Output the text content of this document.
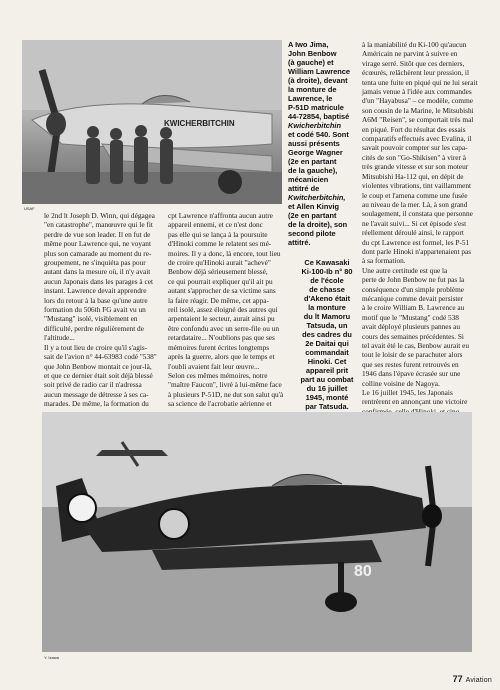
KWICHERBITCHIN
USAF
A Iwo Jima,
John Benbow
(à gauche) et
William Lawrence
(à droite), devant
la monture de
Lawrence, le
P-51D matricule
44-72854, baptisé
Kwicherbitchin
et codé 540. Sont
aussi présents
George Wagner
(2e en partant
de la gauche),
mécanicien
attitré de
Kwitcherbitchin,
et Allen Kinvig
(2e en partant
de la droite), son
second pilote
attitré.
Ce Kawasaki
Ki-100-Ib n° 80
de l'école
de chasse
d'Akeno était
la monture
du lt Mamoru
Tatsuda, un
des cadres du
2e Daitai qui
commandait
Hinoki. Cet
appareil prit
part au combat
du 16 juillet
1945, monté
par Tatsuda.
le 2nd lt Joseph D. Winn, qui dégagea
"en catastrophe", manœuvre qui le fit
perdre de vue son leader. Il en fut de
même pour Lawrence qui, ne voyant
plus son camarade au moment du re-
groupement, ne s'inquiéta pas pour
autant dans la mesure où, il n'y avait
aucun Japonais dans les parages à cet
instant. Lawrence devait apprendre
lors du retour à la base qu'une autre
formation du 506th FG avait vu un
"Mustang" isolé, visiblement en
difficulté, perdre régulièrement de
l'altitude...
Il y a tout lieu de croire qu'il s'agis-
sait de l'avion n° 44-63983 codé "538"
que John Benbow montait ce jour-là,
et que ce dernier était soit déjà blessé
soit privé de radio car il n'adressa
aucun message de détresse à ses ca-
marades. De même, la formation du
cpt Lawrence n'affronta aucun autre
appareil ennemi, et ce n'est donc
pas elle qui se lança à la poursuite
d'Hinoki comme le relatent ses mé-
moires. Il y a donc, là encore, tout lieu
de croire qu'Hinoki aurait "achevé"
Benbow déjà sérieusement blessé,
ce qui pourrait expliquer qu'il ait pu
autant s'approcher de sa victime sans
la faire réagir. De même, cet appa-
reil isolé, assez éloigné des autres qui
arpentaient le secteur, aurait ainsi pu
être confondu avec un serre-file ou un
retardataire... N'oublions pas que ses
mémoires furent écrites longtemps
après la guerre, alors que le temps et
l'oubli avaient fait leur œuvre...
Selon ces mêmes mémoires, notre
"maître Faucon", livré à lui-même face
à plusieurs P-51D, ne dut son salut qu'à
sa science de l'acrobatie aérienne et
à la maniabilité du Ki-100 qu'aucun
Américain ne parvint à suivre en
virage serré. Sitôt que ces derniers,
écœurés, relâchèrent leur pression, il
tenta une fuite en piqué qui ne lui serait
jamais venue à l'idée aux commandes
d'un "Hayabusa" – ce modèle, comme
son cousin de la Marine, le Mitsubishi
A6M "Reisen", se comportait très mal
en piqué. Fort du résultat des essais
comparatifs effectués avec Evalina, il
savait pouvoir compter sur les capa-
cités de son "Go-Shikisen" à virer à
très grande vitesse et sur son moteur
Mitsubishi Ha-112 qui, en dépit de
violentes vibrations, tint vaillamment
le coup et l'amena comme une fusée
au niveau de la mer. Là, à son grand
soulagement, il constata que personne
ne l'avait suivi... Si cet épisode s'est
réellement déroulé ainsi, le rapport
du cpt Lawrence est formel, les P-51
dont parle Hinoki n'appartenaient pas
à sa formation.
Une autre certitude est que la
perte de John Benbow ne fut pas la
conséquence d'un simple problème
mécanique comme devait persister
à le croire William B. Lawrence au
motif que le "Mustang" codé 538
avait déployé plusieurs pannes au
cours des semaines précédentes. Si
tel avait été le cas, Benbow aurait eu
tout le loisir de se parachuter alors
que ses restes furent retrouvés en
1946 dans l'épave écrasée sur une
colline voisine de Nagoya.
Le 16 juillet 1945, les Japonais
rentrèrent en annonçant une victoire
80
Y. Izawa
77 Aviation
